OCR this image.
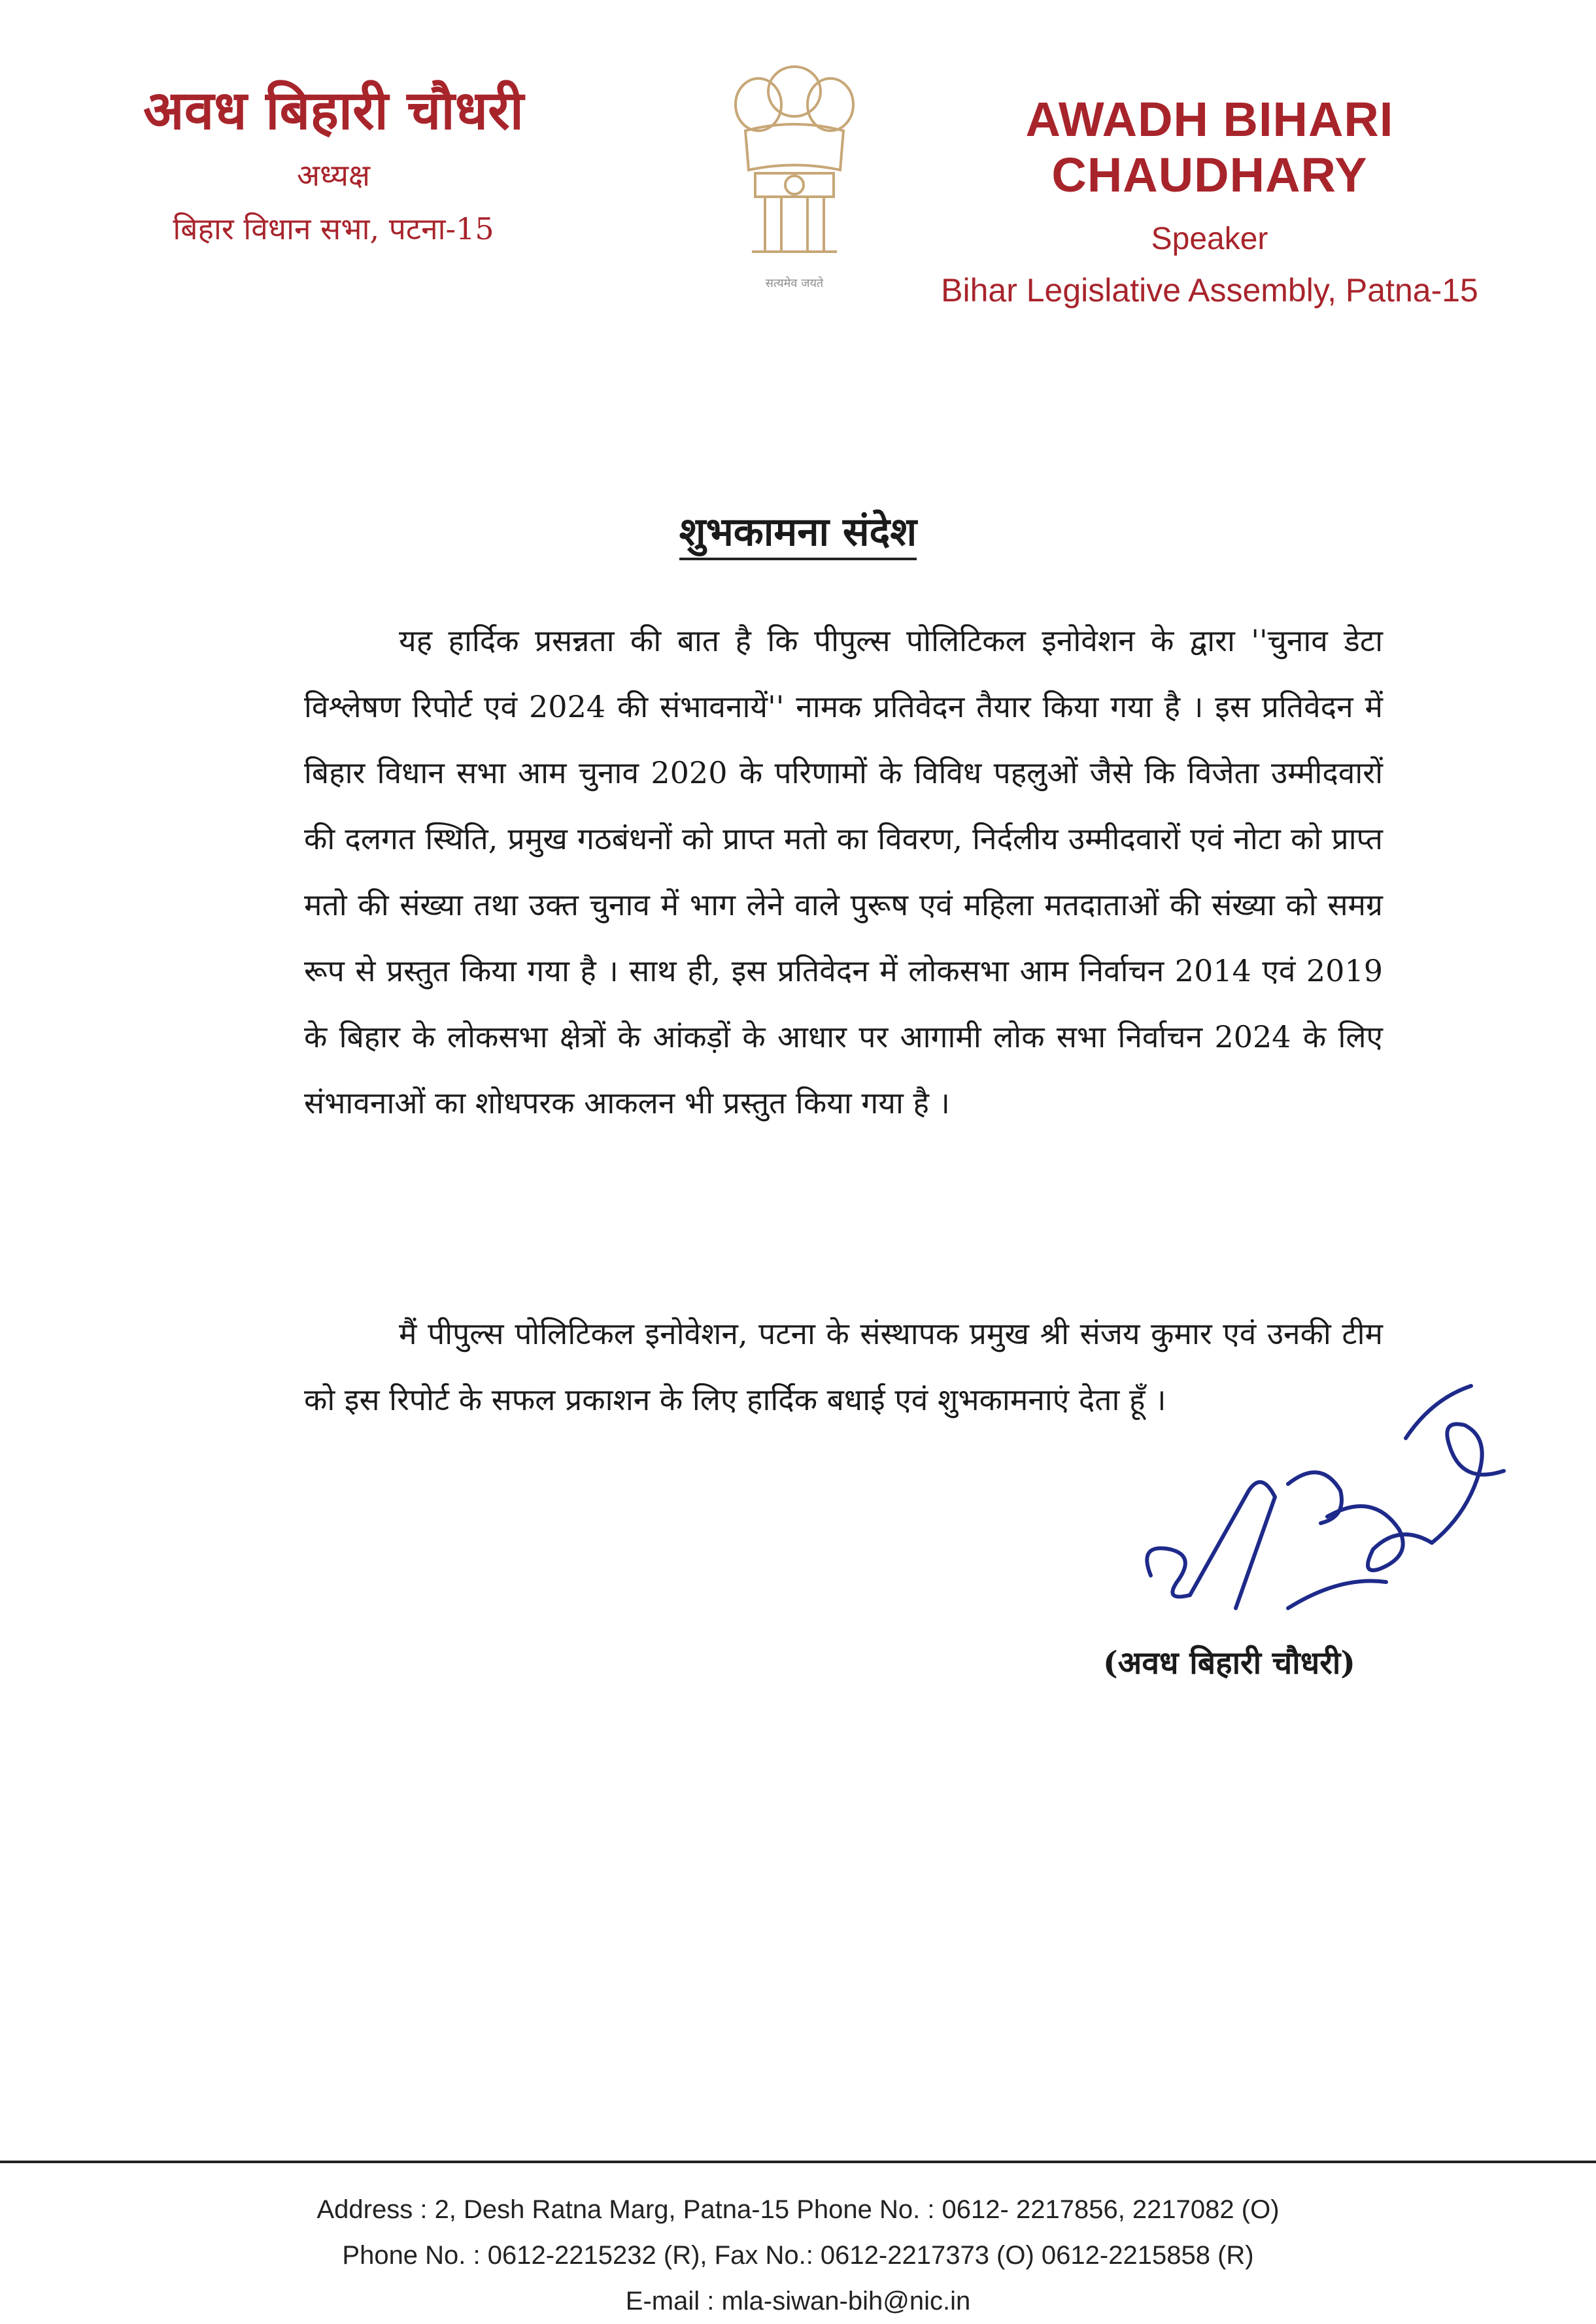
अवध बिहारी चौधरी
अध्यक्ष
बिहार विधान सभा, पटना-15
सत्यमेव जयते
AWADH BIHARI CHAUDHARY
Speaker
Bihar Legislative Assembly, Patna-15
शुभकामना संदेश
यह हार्दिक प्रसन्नता की बात है कि पीपुल्स पोलिटिकल इनोवेशन के द्वारा ''चुनाव डेटा विश्लेषण रिपोर्ट एवं 2024 की संभावनायें'' नामक प्रतिवेदन तैयार किया गया है । इस प्रतिवेदन में बिहार विधान सभा आम चुनाव 2020 के परिणामों के विविध पहलुओं जैसे कि विजेता उम्मीदवारों की दलगत स्थिति, प्रमुख गठबंधनों को प्राप्त मतो का विवरण, निर्दलीय उम्मीदवारों एवं नोटा को प्राप्त मतो की संख्या तथा उक्त चुनाव में भाग लेने वाले पुरूष एवं महिला मतदाताओं की संख्या को समग्र रूप से प्रस्तुत किया गया है । साथ ही, इस प्रतिवेदन में लोकसभा आम निर्वाचन 2014 एवं 2019 के बिहार के लोकसभा क्षेत्रों के आंकड़ों के आधार पर आगामी लोक सभा निर्वाचन 2024 के लिए संभावनाओं का शोधपरक आकलन भी प्रस्तुत किया गया है ।
मैं पीपुल्स पोलिटिकल इनोवेशन, पटना के संस्थापक प्रमुख श्री संजय कुमार एवं उनकी टीम को इस रिपोर्ट के सफल प्रकाशन के लिए हार्दिक बधाई एवं शुभकामनाएं देता हूँ ।
(अवध बिहारी चौधरी)
Address : 2, Desh Ratna Marg, Patna-15 Phone No. : 0612- 2217856, 2217082 (O)
Phone No. : 0612-2215232 (R), Fax No.: 0612-2217373 (O) 0612-2215858 (R)
E-mail : mla-siwan-bih@nic.in
